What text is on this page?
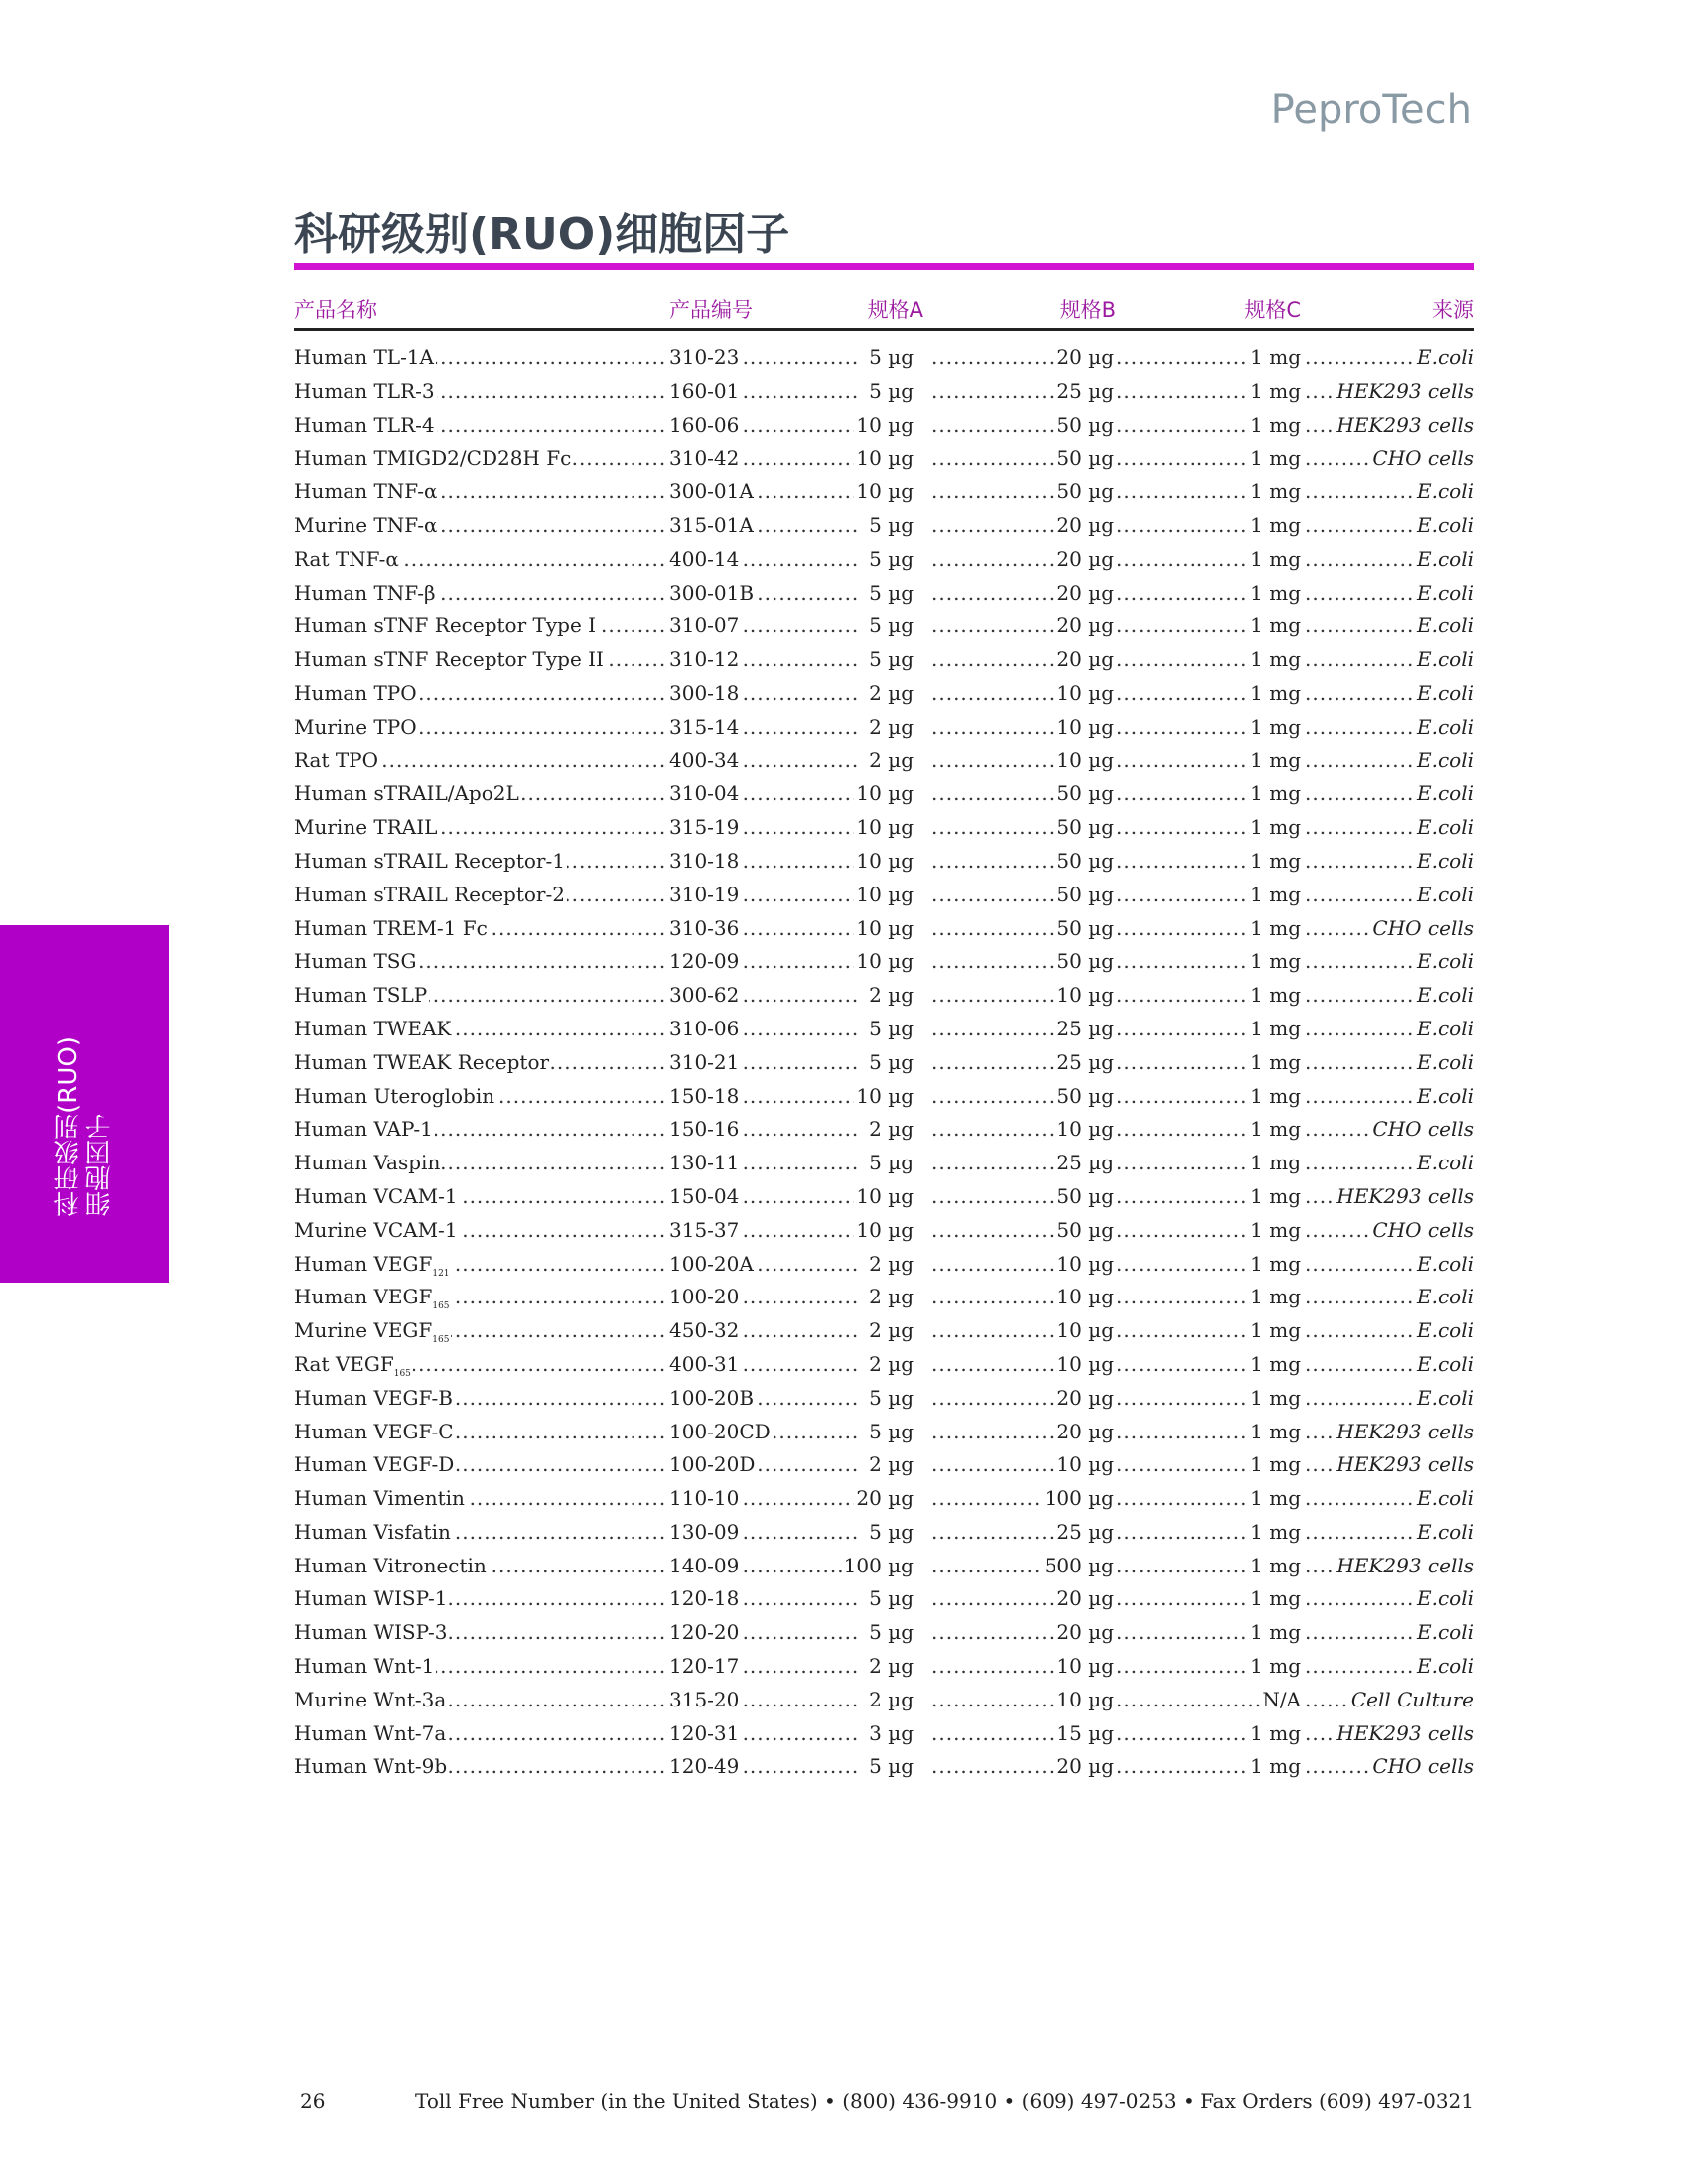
PeproTech
科研级别(RUO)细胞因子
产品名称	产品编号	规格A	规格B	规格C	来源
.....
.....
.....
.....
.....
Human TL-1A	310-23	5 µg	20 µg	1 mg	E.coli
.....
.....
.....
.....
.....
Human TLR-3	160-01	5 µg	25 µg	1 mg HEK293 cells
.....
.....
.....
.....
.....
Human TLR-4	160-06	10 µg	50 µg	1 mg HEK293 cells
.....
.....
.....
.....
.....
Human TMIGD2/CD28H Fc	310-42	10 µg	50 µg	1 mg	CHO cells
.....
.....
.....
.....
.....
Human TNF-α	300-01A	10 µg	50 µg	1 mg	E.coli
.....
.....
.....
.....
.....
Murine TNF-α	315-01A	5 µg	20 µg	1 mg	E.coli
.....
.....
.....
.....
.....
Rat TNF-α	400-14	5 µg	20 µg	1 mg	E.coli
.....
.....
.....
.....
.....
Human TNF-β	300-01B	5 µg	20 µg	1 mg	E.coli
.....
.....
.....
.....
.....
Human sTNF Receptor Type I	310-07	5 µg	20 µg	1 mg	E.coli
.....
.....
.....
.....
.....
Human sTNF Receptor Type II	310-12	5 µg	20 µg	1 mg	E.coli
.....
.....
.....
.....
.....
Human TPO	300-18	2 µg	10 µg	1 mg	E.coli
.....
.....
.....
.....
.....
Murine TPO	315-14	2 µg	10 µg	1 mg	E.coli
.....
.....
.....
.....
.....
Rat TPO	400-34	2 µg	10 µg	1 mg	E.coli
.....
.....
.....
.....
.....
Human sTRAIL/Apo2L	310-04	10 µg	50 µg	1 mg	E.coli
.....
.....
.....
.....
.....
Murine TRAIL	315-19	10 µg	50 µg	1 mg	E.coli
.....
.....
.....
.....
.....
Human sTRAIL Receptor-1	310-18	10 µg	50 µg	1 mg	E.coli
.....
.....
.....
.....
.....
Human sTRAIL Receptor-2	310-19	10 µg	50 µg	1 mg	E.coli
.....
.....
.....
.....
.....
Human TREM-1 Fc	310-36	10 µg	50 µg	1 mg	CHO cells
.....
.....
.....
.....
.....
Human TSG	120-09	10 µg	50 µg	1 mg	E.coli
.....
.....
.....
.....
.....
Human TSLP	300-62	2 µg	10 µg	1 mg	E.coli
.....
.....
.....
.....
.....
Human TWEAK	310-06	5 µg	25 µg	1 mg	E.coli
.....
.....
.....
.....
.....
Human TWEAK Receptor	310-21	5 µg	25 µg	1 mg	E.coli
.....
.....
.....
.....
.....
Human Uteroglobin	150-18	10 µg	50 µg	1 mg	E.coli
.....
.....
.....
.....
.....
Human VAP-1	150-16	2 µg	10 µg	1 mg	CHO cells
.....
.....
.....
.....
.....
Human Vaspin	130-11	5 µg	25 µg	1 mg	E.coli
.....
.....
.....
.....
.....
Human VCAM-1	150-04	10 µg	50 µg	1 mg HEK293 cells
.....
.....
.....
.....
.....
Murine VCAM-1	315-37	10 µg	50 µg	1 mg	CHO cells
.....
.....
.....
.....
.....
Human $VEGF_{121}$	100-20A	2 µg	10 µg	1 mg	E.coli
.....
.....
.....
.....
.....
Human $VEGF_{165}$	100-20	2 µg	10 µg	1 mg	E.coli
.....
.....
.....
.....
.....
Murine $VEGF_{165}$	450-32	2 µg	10 µg	1 mg	E.coli
.....
.....
.....
.....
.....
Rat $VEGF_{165}$	400-31	2 µg	10 µg	1 mg	E.coli
.....
.....
.....
.....
.....
Human VEGF-B	100-20B	5 µg	20 µg	1 mg	E.coli
.....
.....
.....
.....
.....
Human VEGF-C	100-20CD	5 µg	20 µg	1 mg HEK293 cells
.....
.....
.....
.....
.....
Human VEGF-D	100-20D	2 µg	10 µg	1 mg HEK293 cells
.....
.....
.....
.....
.....
Human Vimentin	110-10	20 µg	100 µg	1 mg	E.coli
.....
.....
.....
.....
.....
Human Visfatin	130-09	5 µg	25 µg	1 mg	E.coli
.....
.....
.....
.....
.....
Human Vitronectin	140-09	100 µg	500 µg	1 mg HEK293 cells
.....
.....
.....
.....
.....
Human WISP-1	120-18	5 µg	20 µg	1 mg	E.coli
.....
.....
.....
.....
.....
Human WISP-3	120-20	5 µg	20 µg	1 mg	E.coli
.....
.....
.....
.....
.....
Human Wnt-1	120-17	2 µg	10 µg	1 mg	E.coli
.....
.....
.....
.....
.....
Murine Wnt-3a	315-20	2 µg	10 µg	N/A	Cell Culture
.....
.....
.....
.....
.....
Human Wnt-7a	120-31	3 µg	15 µg	1 mg HEK293 cells
.....
.....
.....
.....
.....
Human Wnt-9b	120-49	5 µg	20 µg	1 mg	CHO cells
科研级别(RUO) 细胞因子
26	Toll Free Number (in the United States) • (800) 436-9910 • (609) 497-0253 • Fax Orders (609) 497-0321
